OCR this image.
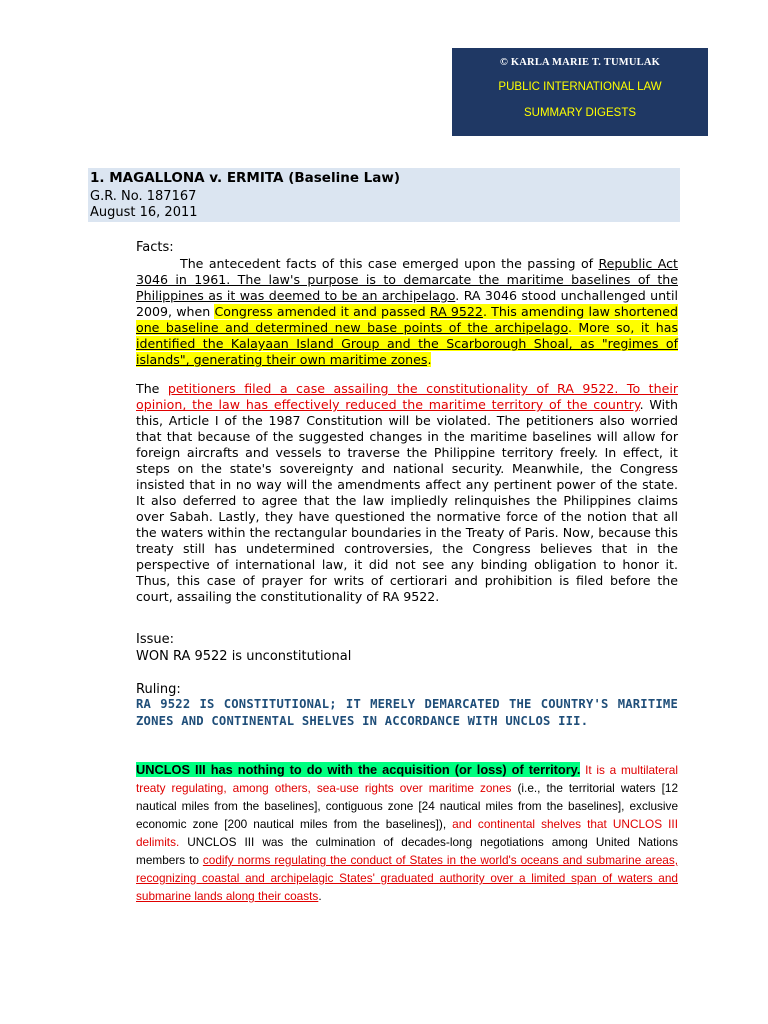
© KARLA MARIE T. TUMULAK
PUBLIC INTERNATIONAL LAW
SUMMARY DIGESTS
1. MAGALLONA v. ERMITA (Baseline Law)
G.R. No. 187167
August 16, 2011
Facts:

The antecedent facts of this case emerged upon the passing of Republic Act 3046 in 1961. The law's purpose is to demarcate the maritime baselines of the Philippines as it was deemed to be an archipelago. RA 3046 stood unchallenged until 2009, when Congress amended it and passed RA 9522. This amending law shortened one baseline and determined new base points of the archipelago. More so, it has identified the Kalayaan Island Group and the Scarborough Shoal, as "regimes of islands", generating their own maritime zones.

The petitioners filed a case assailing the constitutionality of RA 9522. To their opinion, the law has effectively reduced the maritime territory of the country. With this, Article I of the 1987 Constitution will be violated. The petitioners also worried that that because of the suggested changes in the maritime baselines will allow for foreign aircrafts and vessels to traverse the Philippine territory freely. In effect, it steps on the state's sovereignty and national security. Meanwhile, the Congress insisted that in no way will the amendments affect any pertinent power of the state. It also deferred to agree that the law impliedly relinquishes the Philippines claims over Sabah. Lastly, they have questioned the normative force of the notion that all the waters within the rectangular boundaries in the Treaty of Paris. Now, because this treaty still has undetermined controversies, the Congress believes that in the perspective of international law, it did not see any binding obligation to honor it. Thus, this case of prayer for writs of certiorari and prohibition is filed before the court, assailing the constitutionality of RA 9522.

Issue:
WON RA 9522 is unconstitutional
Ruling:
RA 9522 IS CONSTITUTIONAL; IT MERELY DEMARCATED THE COUNTRY'S MARITIME ZONES AND CONTINENTAL SHELVES IN ACCORDANCE WITH UNCLOS III.
UNCLOS III has nothing to do with the acquisition (or loss) of territory. It is a multilateral treaty regulating, among others, sea-use rights over maritime zones (i.e., the territorial waters [12 nautical miles from the baselines], contiguous zone [24 nautical miles from the baselines], exclusive economic zone [200 nautical miles from the baselines]), and continental shelves that UNCLOS III delimits. UNCLOS III was the culmination of decades-long negotiations among United Nations members to codify norms regulating the conduct of States in the world's oceans and submarine areas, recognizing coastal and archipelagic States' graduated authority over a limited span of waters and submarine lands along their coasts.
